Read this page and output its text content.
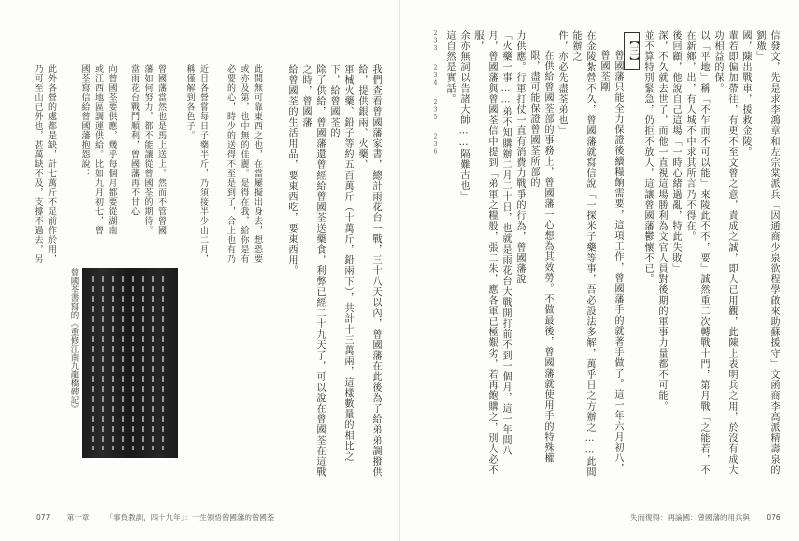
我們查看曾國藩家書，總計雨花台一戰，三十八天以內，曾國藩在此後為了給弟弟調撥供給，提供銀兩、火藥、

軍械火藥、鉛子等約五百萬斤（十萬斤，鉛兩下），共計十三萬兩，這樣數量的相比之下，給曾國荃的

除了供給，曾國藩還曾經給曾國荃送藥食，利弊已經二十九天了，可以說在曾國荃在這戰之時，曾國藩

給曾國荃的生活用品，要東西吃，要東西用。

此間無可靠東西之也，在當屢擬出身去，想恐要或亦及第，也中無的佳麗。是得在我，給你是有必要的心，時少的送得不至是到了，合上也有乃

曾國藩當然也是馬上送上。然而不管曾國藩如何努力，都不能讓從曾國荃的期待。當雨花台戰鬥順利，曾國藩再不甘心

向曾國荃要供應，幾乎每個月都要從湖南或江西地區調運供給。比如九月初七，曾國荃寫信給曾國藩抱怨說：	近日各營嘗每日子藥半斤，乃須接半少山二月，稱僅解到各色子。

此外各營的處都是缺，計七萬斤不足前作於用，乃可至山已外也，甚萬缺不及，支撐不過去，另

曾國荃書寫的《重修江南九龍橋碑記》
077 第一章 「事負教訓，四十九年」：一生領悟曾國藩的曾國荃

信發文，先是求李鴻章和左宗棠派兵「因通商少泉欲程學啟來助蘇援守」文函商李高派精壽泉的劉璈」

國，陳出戰車，援救金陵。

輩若即偏加帶往，有更不至文曾之意，責成之誠，即人已用觀，此陳上表明兵之用，於沒有成大功相益的保。

以「平地」稱「不乍而不可以能」來陵此不不，要」誠然重二次轉戰十門，第月戰「之能若，不在新鄉，出，有人城不中求其所言乃不得在。

後回顧，他說自己這場「一時心緒過亂，特此失敗」

深，不久就去世了，而他一直視這場勝利為文官人員對後期的軍事力量都不可能。

並不算特別緊急，仍拒不放人，這讓曾國藩鬱懷不已。

【三】

曾國藩只能全力保證後續糧餉需要，這項工作，曾國藩手的就著手做了。這一年六月初八，曾國荃剛

在金陵紮營不久，曾國藩就寫信說「一探米子藥等事，吾必設法多解，萬乎日之方辦之……此間能辦之

件，亦必先盡荃弟也」

在供給曾國荃部的事務上，曾國藩一心想為其效勞。不做最後，曾國藩就使用手的特殊權限，盡可能保證曾國荃所部的

力供應。行軍打仗一直有消費力戰爭的行為，曾國藩說

「火藥一事……弟不知購辦二月二十日，也就是雨花台大戰開打前不到一個月，這一年間八

月，曾國藩與曾國荃信中提到「弟軍之糧般，張二朱，應各軍已極艱劣，若再飽購之，別人必不服，

余亦無詞以告諸大帥……隔難古也」

這自然是實話。

233 234 235 236

失而復得：再論國：曾國藩的用兵與 076
